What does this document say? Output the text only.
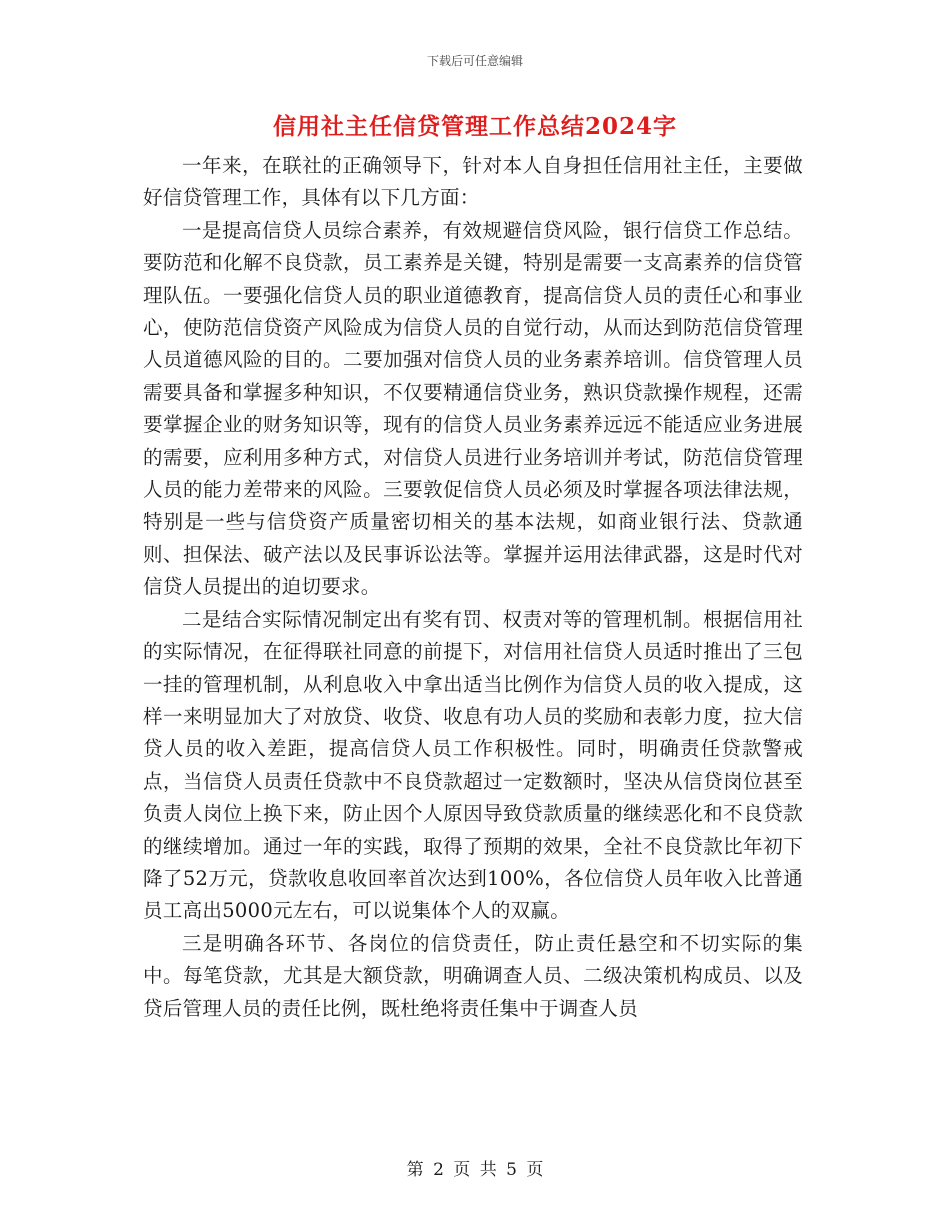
下载后可任意编辑
信用社主任信贷管理工作总结2024字

一年来，在联社的正确领导下，针对本人自身担任信用社主任，主要做好信贷管理工作，具体有以下几方面：

一是提高信贷人员综合素养，有效规避信贷风险，银行信贷工作总结。要防范和化解不良贷款，员工素养是关键，特别是需要一支高素养的信贷管理队伍。一要强化信贷人员的职业道德教育，提高信贷人员的责任心和事业心，使防范信贷资产风险成为信贷人员的自觉行动，从而达到防范信贷管理人员道德风险的目的。二要加强对信贷人员的业务素养培训。信贷管理人员需要具备和掌握多种知识，不仅要精通信贷业务，熟识贷款操作规程，还需要掌握企业的财务知识等，现有的信贷人员业务素养远远不能适应业务进展的需要，应利用多种方式，对信贷人员进行业务培训并考试，防范信贷管理人员的能力差带来的风险。三要敦促信贷人员必须及时掌握各项法律法规，特别是一些与信贷资产质量密切相关的基本法规，如商业银行法、贷款通则、担保法、破产法以及民事诉讼法等。掌握并运用法律武器，这是时代对信贷人员提出的迫切要求。

二是结合实际情况制定出有奖有罚、权责对等的管理机制。根据信用社的实际情况，在征得联社同意的前提下，对信用社信贷人员适时推出了三包一挂的管理机制，从利息收入中拿出适当比例作为信贷人员的收入提成，这样一来明显加大了对放贷、收贷、收息有功人员的奖励和表彰力度，拉大信贷人员的收入差距，提高信贷人员工作积极性。同时，明确责任贷款警戒点，当信贷人员责任贷款中不良贷款超过一定数额时，坚决从信贷岗位甚至负责人岗位上换下来，防止因个人原因导致贷款质量的继续恶化和不良贷款的继续增加。通过一年的实践，取得了预期的效果，全社不良贷款比年初下降了52万元，贷款收息收回率首次达到100%，各位信贷人员年收入比普通员工高出5000元左右，可以说集体个人的双赢。

三是明确各环节、各岗位的信贷责任，防止责任悬空和不切实际的集中。每笔贷款，尤其是大额贷款，明确调查人员、二级决策机构成员、以及贷后管理人员的责任比例，既杜绝将责任集中于调查人员

第 2 页 共 5 页
